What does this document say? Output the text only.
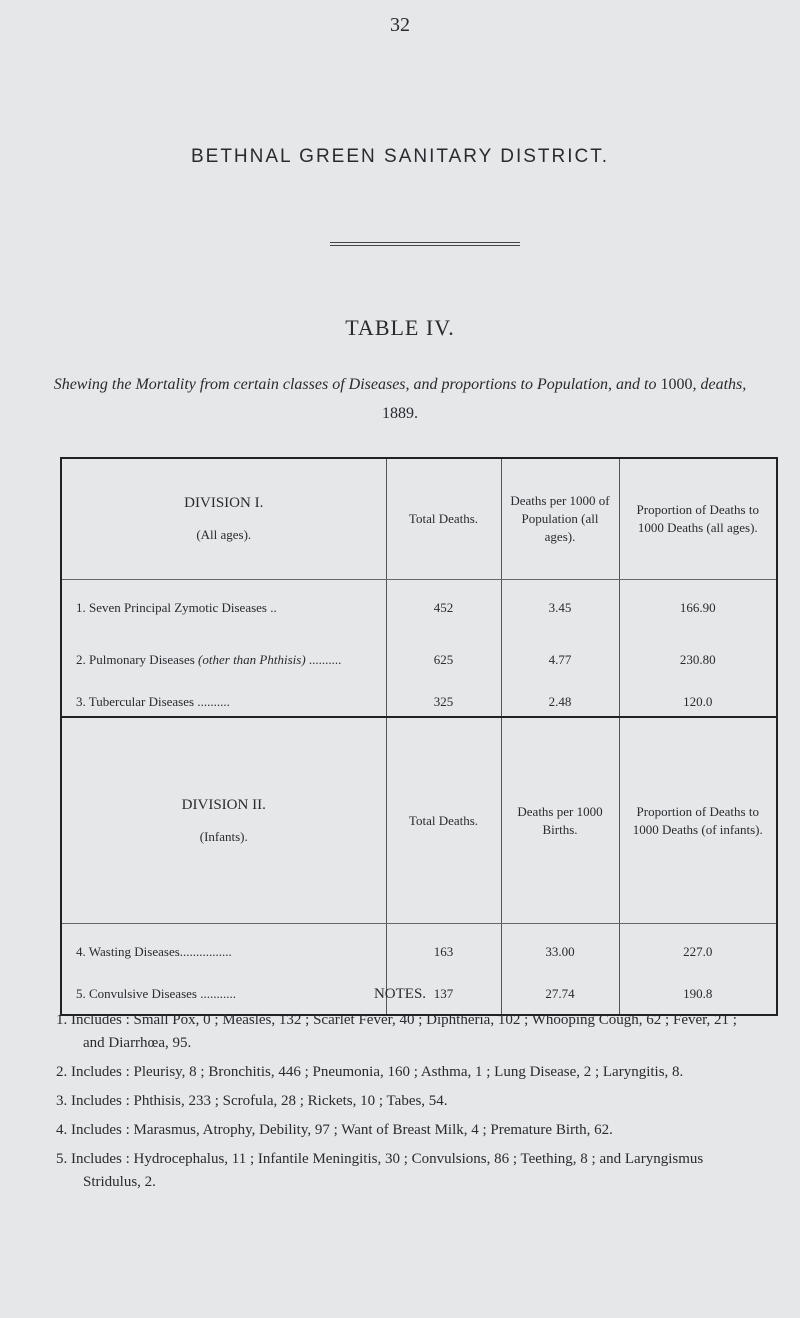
32
BETHNAL GREEN SANITARY DISTRICT.
TABLE IV.
Shewing the Mortality from certain classes of Diseases, and proportions to Population, and to 1000, deaths, 1889.
DIVISION I.
(All ages).	Total Deaths.	Deaths per 1000 of Population (all ages).	Proportion of Deaths to 1000 Deaths (all ages).
1. Seven Principal Zymotic Diseases ..	452	3.45	166.90
2. Pulmonary Diseases (other than Phthisis) ..........	625	4.77	230.80
3. Tubercular Diseases ..........	325	2.48	120.0

DIVISION II.
(Infants).	Total Deaths.	Deaths per 1000 Births.	Proportion of Deaths to 1000 Deaths (of infants).
4. Wasting Diseases................	163	33.00	227.0
5. Convulsive Diseases ...........	137	27.74	190.8
NOTES.
1. Includes : Small Pox, 0 ; Measles, 132 ; Scarlet Fever, 40 ; Diphtheria, 102 ; Whooping Cough, 62 ; Fever, 21 ; and Diarrhœa, 95.
2. Includes : Pleurisy, 8 ; Bronchitis, 446 ; Pneumonia, 160 ; Asthma, 1 ; Lung Disease, 2 ; Laryngitis, 8.
3. Includes : Phthisis, 233 ; Scrofula, 28 ; Rickets, 10 ; Tabes, 54.
4. Includes : Marasmus, Atrophy, Debility, 97 ; Want of Breast Milk, 4 ; Premature Birth, 62.
5. Includes : Hydrocephalus, 11 ; Infantile Meningitis, 30 ; Convulsions, 86 ; Teething, 8 ; and Laryngismus Stridulus, 2.
